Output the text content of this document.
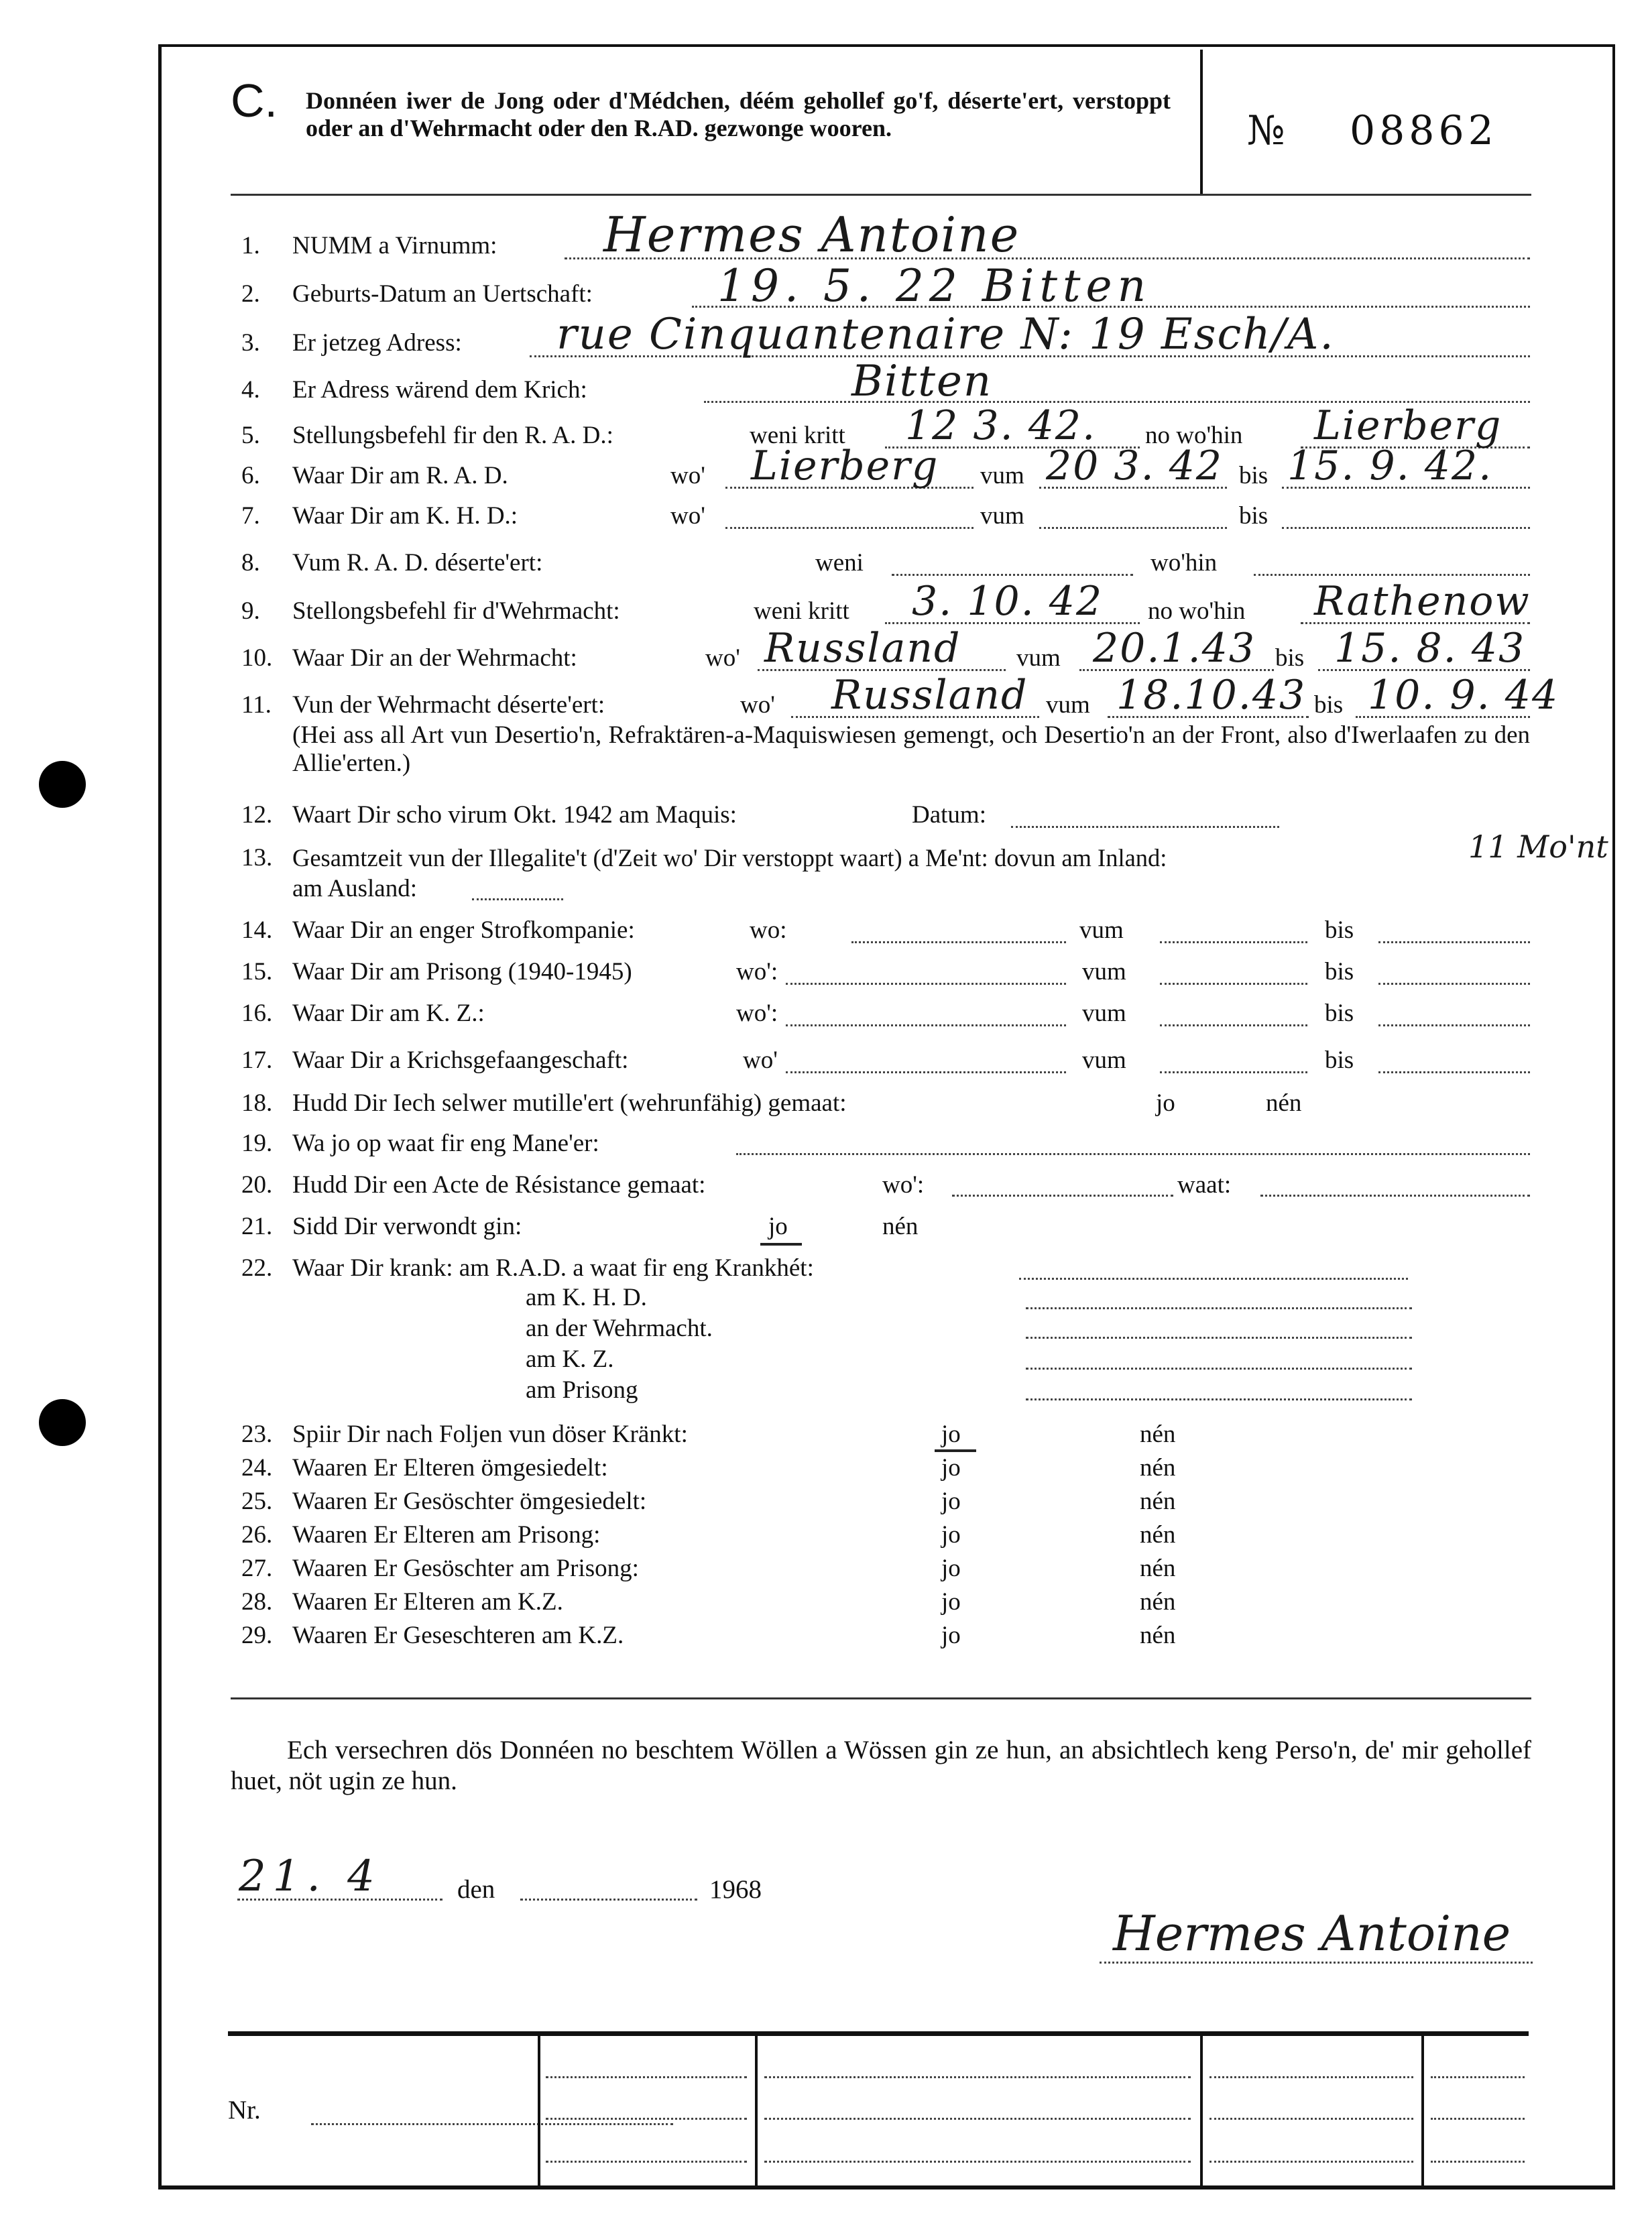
C. Donnéen iwer de Jong oder d'Médchen, déém gehollef go'f, déserte'ert, verstoppt oder an d'Wehrmacht oder den R.AD. gezwonge wooren.	№ 08862
1. NUMM a Virnumm: Hermes Antoine
2. Geburts-Datum an Uertschaft:	19. 5. 22 Bitten
3. Er jetzeg Adress: rue Cinquantenaire N: 19 Esch/A.
4. Er Adress wärend dem Krich:	Bitten
5. Stellungsbefehl fir den R. A. D.:	weni kritt 12 3. 42. no wo'hin Lierberg
6. Waar Dir am R. A. D.	wo' Lierberg vum 20 3. 42 bis 15. 9. 42.
7. Waar Dir am K. H. D.:	wo'	vum	bis
8. Vum R. A. D. déserte'ert:	weni	wo'hin
9. Stellongsbefehl fir d'Wehrmacht:	weni kritt 3. 10. 42 no wo'hin Rathenow
10. Waar Dir an der Wehrmacht:	wo' Russland vum 20.1.43 bis 15. 8. 43
11. Vun der Wehrmacht déserte'ert:	wo' Russland vum 18.10.43 bis 10. 9. 44
(Hei ass all Art vun Desertio'n, Refraktären-a-Maquiswiesen gemengt, och Desertio'n an der Front, also d'Iwerlaafen zu den Allie'erten.)
12. Waart Dir scho virum Okt. 1942 am Maquis:	Datum:
13. Gesamtzeit vun der Illegalite't (d'Zeit wo' Dir verstoppt waart) a Me'nt: dovun am Inland:	11 Mo'nt
am Ausland:
14. Waar Dir an enger Strofkompanie:	wo:	vum	bis
15. Waar Dir am Prisong (1940-1945)	wo':	vum	bis
16. Waar Dir am K. Z.:	wo':	vum	bis
17. Waar Dir a Krichsgefaangeschaft:	wo'	vum	bis
18. Hudd Dir Iech selwer mutille'ert (wehrunfähig) gemaat:	jo	nén
19. Wa jo op waat fir eng Mane'er:
20. Hudd Dir een Acte de Résistance gemaat:	wo':	waat:
21. Sidd Dir verwondt gin:	jo	nén
22. Waar Dir krank: am R.A.D. a waat fir eng Krankhét:
am K. H. D.
an der Wehrmacht.
am K. Z.
am Prisong
23. Spiir Dir nach Foljen vun döser Kränkt:	jo	nén
24. Waaren Er Elteren ömgesiedelt:	jo	nén
25. Waaren Er Gesöschter ömgesiedelt:	jo	nén
26. Waaren Er Elteren am Prisong:	jo	nén
27. Waaren Er Gesöschter am Prisong:	jo	nén
28. Waaren Er Elteren am K.Z.	jo	nén
29. Waaren Er Geseschteren am K.Z.	jo	nén
Ech versechren dös Donnéen no beschtem Wöllen a Wössen gin ze hun, an absichtlech keng Perso'n, de' mir gehollef huet, nöt ugin ze hun.
21. 4	den	1968
Hermes Antoine
Nr.
